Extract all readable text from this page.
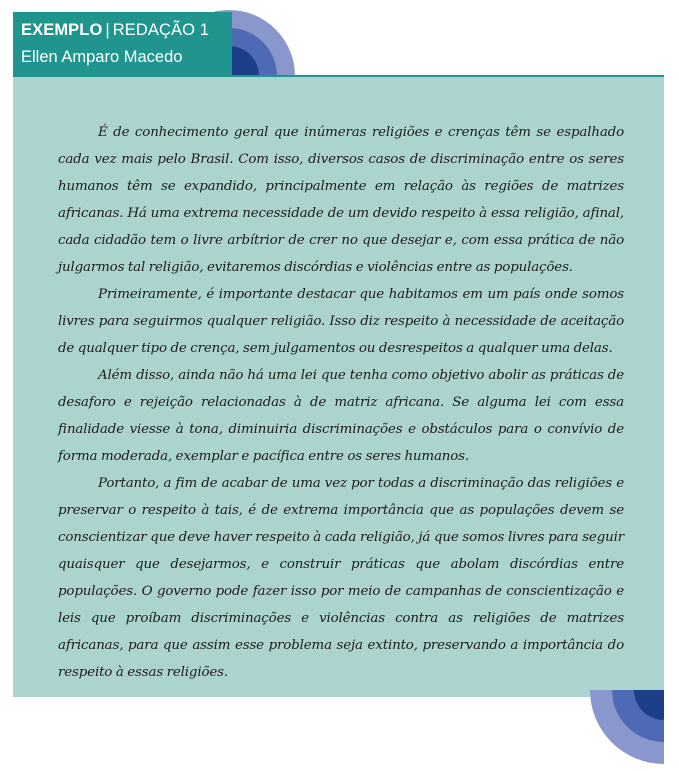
EXEMPLO | REDAÇÃO 1
Ellen Amparo Macedo

É de conhecimento geral que inúmeras religiões e crenças têm se espalhado cada vez mais pelo Brasil. Com isso, diversos casos de discriminação entre os seres humanos têm se expandido, principalmente em relação às regiões de matrizes africanas. Há uma extrema necessidade de um devido respeito à essa religião, afinal, cada cidadão tem o livre arbítrior de crer no que desejar e, com essa prática de não julgarmos tal religião, evitaremos discórdias e violências entre as populações.

Primeiramente, é importante destacar que habitamos em um país onde somos livres para seguirmos qualquer religião. Isso diz respeito à necessidade de aceitação de qualquer tipo de crença, sem julgamentos ou desrespeitos a qualquer uma delas.

Além disso, ainda não há uma lei que tenha como objetivo abolir as práticas de desaforo e rejeição relacionadas à de matriz africana. Se alguma lei com essa finalidade viesse à tona, diminuiria discriminações e obstáculos para o convívio de forma moderada, exemplar e pacífica entre os seres humanos.

Portanto, a fim de acabar de uma vez por todas a discriminação das religiões e preservar o respeito à tais, é de extrema importância que as populações devem se conscientizar que deve haver respeito à cada religião, já que somos livres para seguir quaisquer que desejarmos, e construir práticas que abolam discórdias entre populações. O governo pode fazer isso por meio de campanhas de conscientização e leis que proíbam discriminações e violências contra as religiões de matrizes africanas, para que assim esse problema seja extinto, preservando a importância do respeito à essas religiões.
